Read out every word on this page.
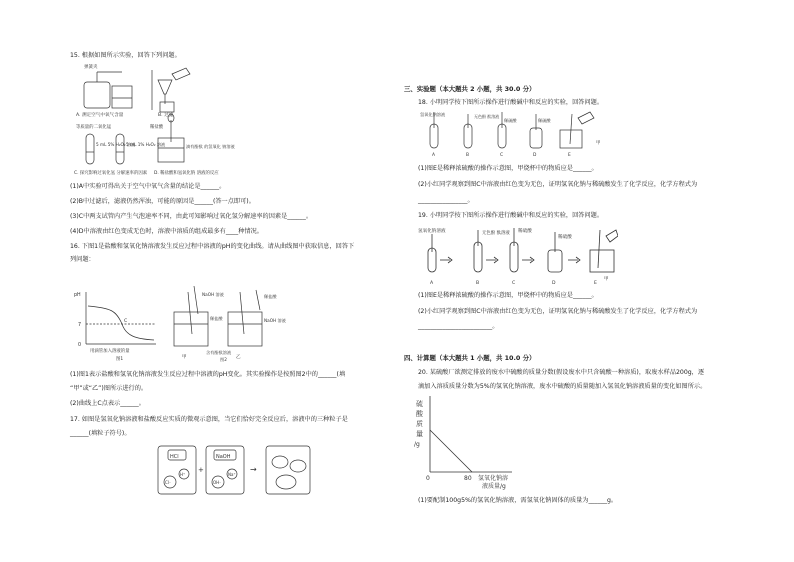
15. 根据如图所示实验，回答下列问题。
弹簧夹
A. 测定空气中氧气含量	B. 过滤
等质量的二氧化锰
5 mL 5% H₂O₂ 溶液
5 mL 1% H₂O₂ 溶液
C. 探究影响过氧化氢 分解速率的因素
稀盐酸
滴有酚酞 的氢氧化 钠溶液
D. 稀盐酸和氢氧化钠 溶液的反应
(1)A中实验可得出关于空气中氧气含量的结论是______。
(2)B中过滤后，滤液仍然浑浊，可能的原因是______(答一点即可)。
(3)C中两支试管内产生气泡速率不同，由此可知影响过氧化氢分解速率的因素是______。
(4)D中溶液由红色变成无色时，溶液中溶质的组成最多有____种情况。
16. 下图1是盐酸和氢氧化钠溶液发生反应过程中溶液的pH的变化曲线。请从曲线图中获取信息，回答下
列问题：
pH
7
0
C
用滴管加入溶液的量
图1
NaOH 溶液
稀盐酸
稀盐酸
NaOH 溶液
含有酚酞溶液
甲	乙
图2
(1)图1表示盐酸和氢氧化钠溶液发生反应过程中溶液的pH变化。其实验操作是按照图2中的______(填
“甲”或“乙”)图所示进行的。
(2)曲线上C点表示______。
17. 如图是氢氧化钠溶液和盐酸反应实质的微观示意图，当它们恰好完全反应后，溶液中的三种粒子是
______(填粒子符号)。
HCl	NaOH
H⁺
Cl⁻	OH⁻
Na⁺
+	→
三、实验题（本大题共 2 小题，共 30.0 分）
18. 小明同学按下图所示操作进行酸碱中和反应的实验，回答问题。
氢氧化钠溶液	无色酚 酞溶液
稀硫酸	稀硫酸
甲
A	B	C	D	E
(1)图E是稀释浓硫酸的操作示意图，甲烧杯中的物质应是______。
(2)小红同学观察到图C中溶液由红色变为无色，证明氢氧化钠与稀硫酸发生了化学反应，化学方程式为
________________。
19. 小明同学按下图所示操作进行酸碱中和反应的实验，回答问题。
氢氧化钠溶液	无色酚 酞溶液 稀硫酸
稀硫酸
甲
A	B	C	D	E
(1)图E是稀释浓硫酸的操作示意图，甲烧杯中的物质应是______。
(2)小红同学观察到图C中溶液由红色变为无色，证明氢氧化钠与稀硫酸发生了化学反应，化学方程式为
________________________。
四、计算题（本大题共 1 小题，共 10.0 分）
20. 某硫酸厂欲测定排放的废水中硫酸的质量分数(假设废水中只含硫酸一种溶质)，取废水样品200g，逐
滴加入溶质质量分数为5%的氢氧化钠溶液，废水中硫酸的质量随加入氢氧化钠溶液质量的变化如图所示。
硫
酸
质
量
/g
0	80 氢氧化钠溶
液质量/g
(1)要配制100g5%的氢氧化钠溶液，需氢氧化钠固体的质量为______g。
